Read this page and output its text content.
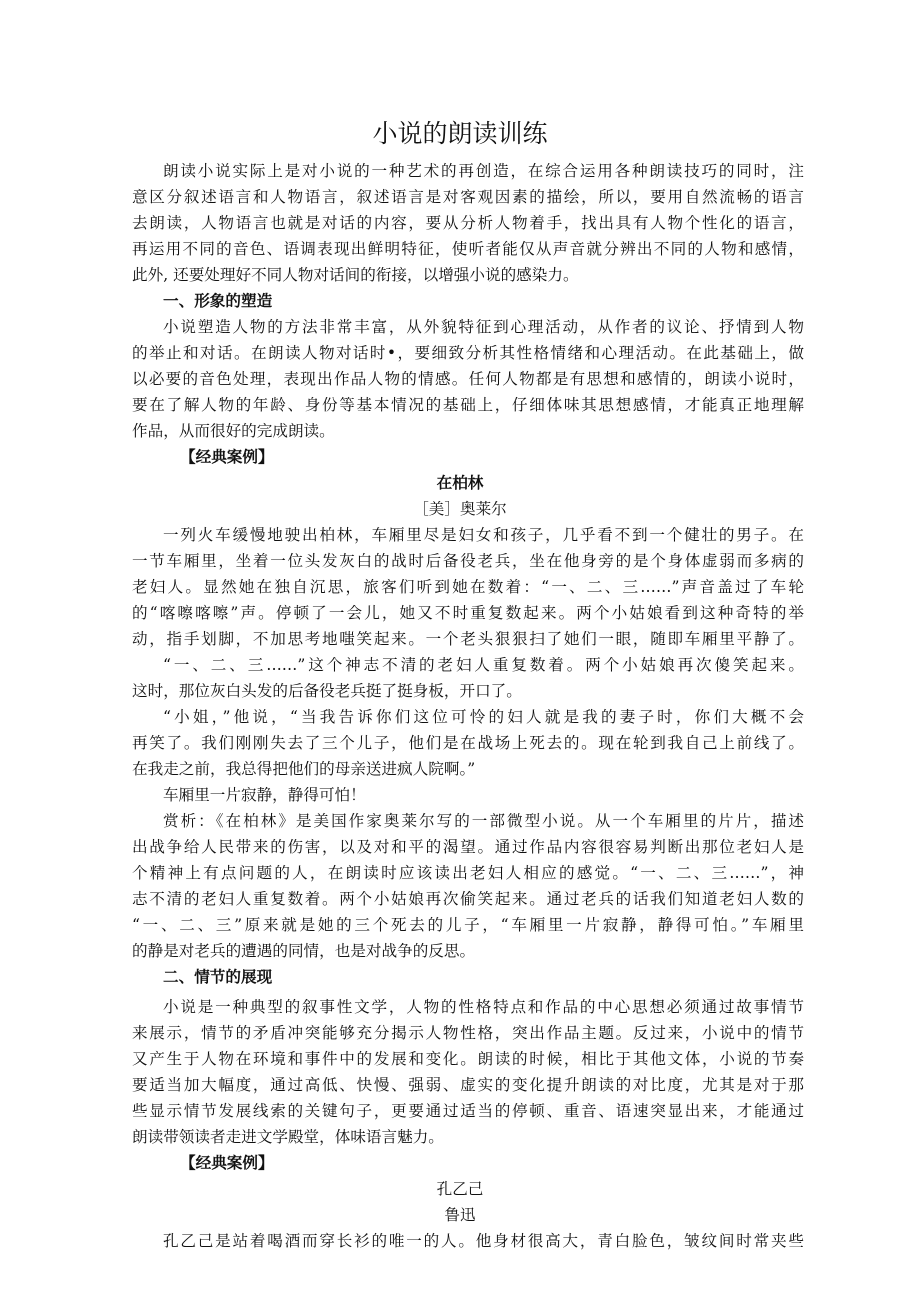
小说的朗读训练
朗读小说实际上是对小说的一种艺术的再创造，在综合运用各种朗读技巧的同时，注
意区分叙述语言和人物语言，叙述语言是对客观因素的描绘，所以，要用自然流畅的语言
去朗读，人物语言也就是对话的内容，要从分析人物着手，找出具有人物个性化的语言，
再运用不同的音色、语调表现出鲜明特征，使听者能仅从声音就分辨出不同的人物和感情，
此外, 还要处理好不同人物对话间的衔接，以增强小说的感染力。
一、形象的塑造
小说塑造人物的方法非常丰富，从外貌特征到心理活动，从作者的议论、抒情到人物
的举止和对话。在朗读人物对话时•，要细致分析其性格情绪和心理活动。在此基础上，做
以必要的音色处理，表现出作品人物的情感。任何人物都是有思想和感情的，朗读小说时，
要在了解人物的年龄、身份等基本情况的基础上，仔细体味其思想感情，才能真正地理解
作品，从而很好的完成朗读。
【经典案例】
在柏林
［美］奥莱尔
一列火车缓慢地驶出柏林，车厢里尽是妇女和孩子，几乎看不到一个健壮的男子。在
一节车厢里，坐着一位头发灰白的战时后备役老兵，坐在他身旁的是个身体虚弱而多病的
老妇人。显然她在独自沉思，旅客们听到她在数着：“一、二、三……”声音盖过了车轮
的“喀嚓喀嚓”声。停顿了一会儿，她又不时重复数起来。两个小姑娘看到这种奇特的举
动，指手划脚，不加思考地嗤笑起来。一个老头狠狠扫了她们一眼，随即车厢里平静了。
“一、二、三……”这个神志不清的老妇人重复数着。两个小姑娘再次傻笑起来。
这时，那位灰白头发的后备役老兵挺了挺身板，开口了。
“小姐，”他说，“当我告诉你们这位可怜的妇人就是我的妻子时，你们大概不会
再笑了。我们刚刚失去了三个儿子，他们是在战场上死去的。现在轮到我自己上前线了。
在我走之前，我总得把他们的母亲送进疯人院啊。”
车厢里一片寂静，静得可怕！
赏析：《在柏林》是美国作家奥莱尔写的一部微型小说。从一个车厢里的片片，描述
出战争给人民带来的伤害，以及对和平的渴望。通过作品内容很容易判断出那位老妇人是
个精神上有点问题的人，在朗读时应该读出老妇人相应的感觉。“一、二、三……”，神
志不清的老妇人重复数着。两个小姑娘再次偷笑起来。通过老兵的话我们知道老妇人数的
“一、二、三”原来就是她的三个死去的儿子，“车厢里一片寂静，静得可怕。”车厢里
的静是对老兵的遭遇的同情，也是对战争的反思。
二、情节的展现
小说是一种典型的叙事性文学，人物的性格特点和作品的中心思想必须通过故事情节
来展示，情节的矛盾冲突能够充分揭示人物性格，突出作品主题。反过来，小说中的情节
又产生于人物在环境和事件中的发展和变化。朗读的时候，相比于其他文体，小说的节奏
要适当加大幅度，通过高低、快慢、强弱、虚实的变化提升朗读的对比度，尤其是对于那
些显示情节发展线索的关键句子，更要通过适当的停顿、重音、语速突显出来，才能通过
朗读带领读者走进文学殿堂，体味语言魅力。
【经典案例】
孔乙己
鲁迅
孔乙己是站着喝酒而穿长衫的唯一的人。他身材很高大，青白脸色，皱纹间时常夹些
